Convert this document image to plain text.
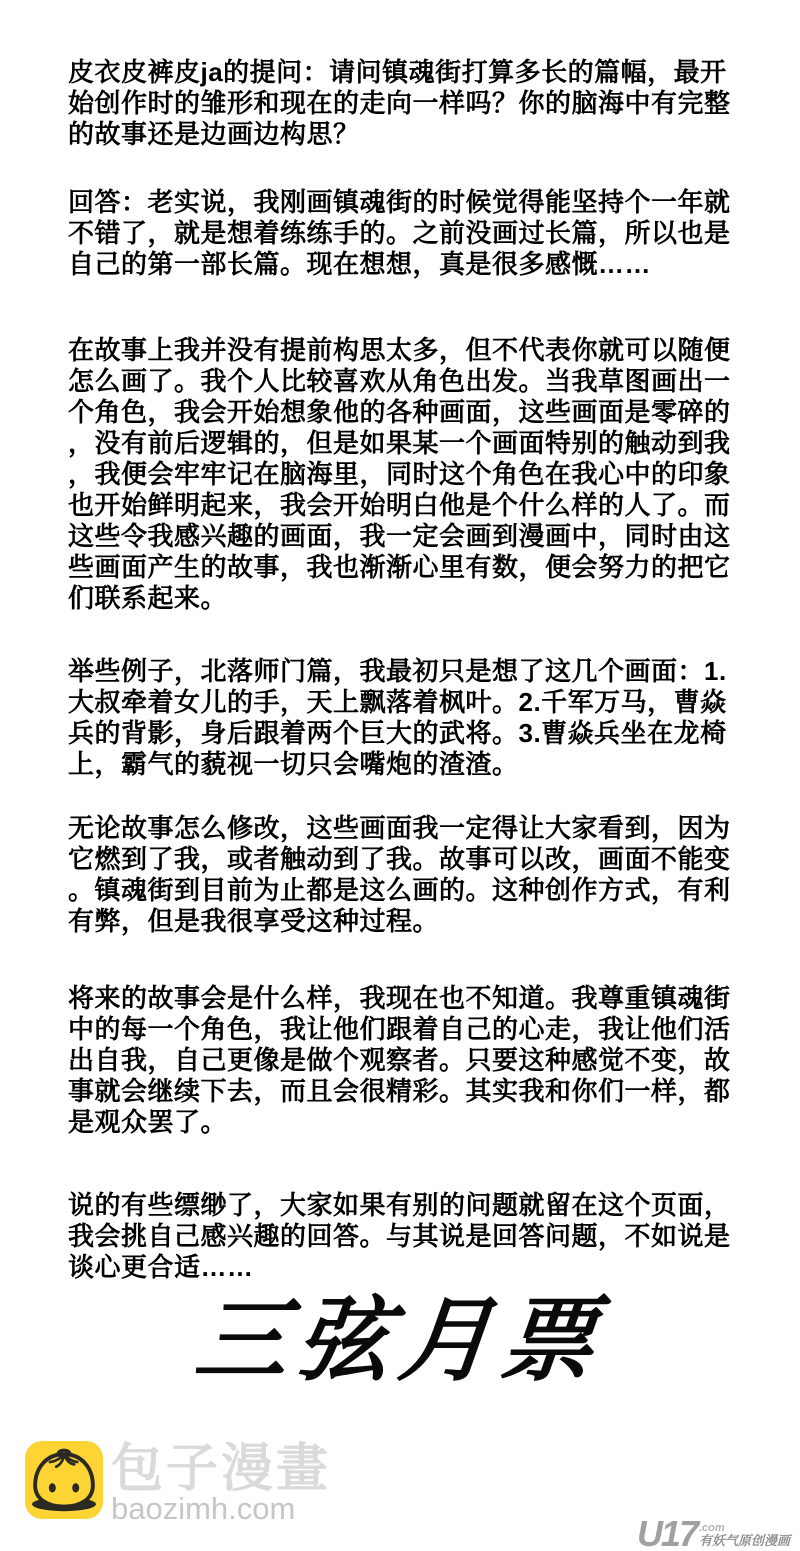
皮衣皮裤皮ja的提问：请问镇魂街打算多长的篇幅，最开始创作时的雏形和现在的走向一样吗？你的脑海中有完整的故事还是边画边构思？

回答：老实说，我刚画镇魂街的时候觉得能坚持个一年就不错了，就是想着练练手的。之前没画过长篇，所以也是自己的第一部长篇。现在想想，真是很多感慨……

在故事上我并没有提前构思太多，但不代表你就可以随便怎么画了。我个人比较喜欢从角色出发。当我草图画出一个角色，我会开始想象他的各种画面，这些画面是零碎的，没有前后逻辑的，但是如果某一个画面特别的触动到我，我便会牢牢记在脑海里，同时这个角色在我心中的印象也开始鲜明起来，我会开始明白他是个什么样的人了。而这些令我感兴趣的画面，我一定会画到漫画中，同时由这些画面产生的故事，我也渐渐心里有数，便会努力的把它们联系起来。

举些例子，北落师门篇，我最初只是想了这几个画面：1.大叔牵着女儿的手，天上飘落着枫叶。2.千军万马，曹焱兵的背影，身后跟着两个巨大的武将。3.曹焱兵坐在龙椅上，霸气的藐视一切只会嘴炮的渣渣。

无论故事怎么修改，这些画面我一定得让大家看到，因为它燃到了我，或者触动到了我。故事可以改，画面不能变。镇魂街到目前为止都是这么画的。这种创作方式，有利有弊，但是我很享受这种过程。

将来的故事会是什么样，我现在也不知道。我尊重镇魂街中的每一个角色，我让他们跟着自己的心走，我让他们活出自我，自己更像是做个观察者。只要这种感觉不变，故事就会继续下去，而且会很精彩。其实我和你们一样，都是观众罢了。

说的有些缥缈了，大家如果有别的问题就留在这个页面，我会挑自己感兴趣的回答。与其说是回答问题，不如说是谈心更合适……

三弦月票
包子漫畫
baozimh.com
U17 .com
有妖气原创漫画
